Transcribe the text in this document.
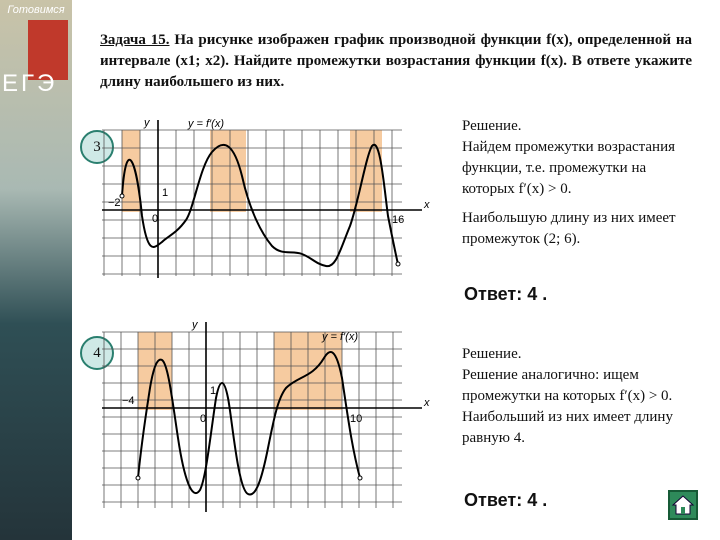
Готовимся
ЕГЭ
Задача 15. На рисунке изображен график производной функции f(x), определенной на интервале (x1; x2). Найдите промежутки возрастания функции f(x). В ответе укажите длину наибольшего из них.
3
y
x
y = f′(x)
1
0
−2
16
Решение.
Найдем промежутки возрастания функции, т.е. промежутки на которых f′(x) > 0.
Наибольшую длину из них имеет промежуток (2; 6).
Ответ: 4 .
4
y
x
y = f′(x)
1
0
−4
10
Решение.
Решение аналогично: ищем промежутки на которых f′(x) > 0.
Наибольший из них имеет длину равную 4.
Ответ: 4 .
